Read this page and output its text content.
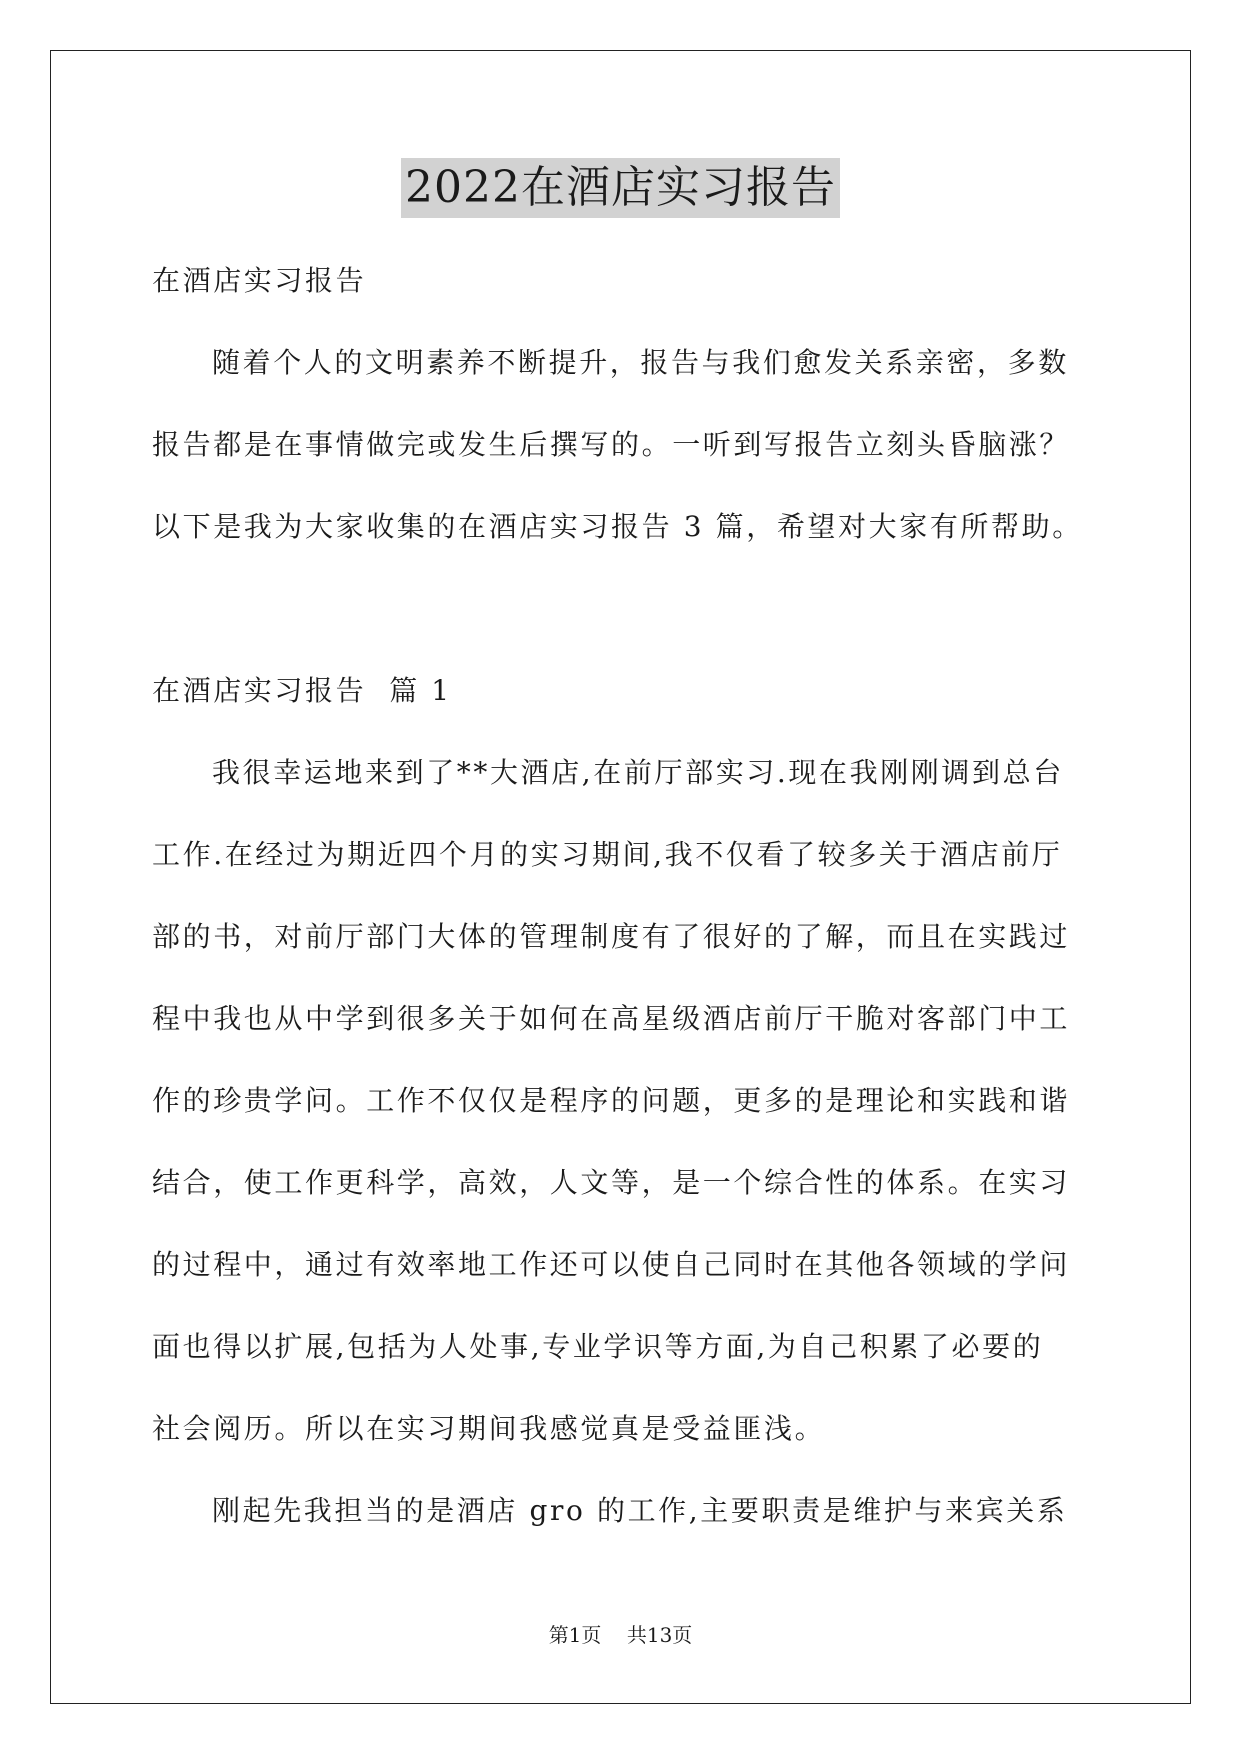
2022在酒店实习报告
在酒店实习报告
随着个人的文明素养不断提升，报告与我们愈发关系亲密，多数
报告都是在事情做完或发生后撰写的。一听到写报告立刻头昏脑涨？
以下是我为大家收集的在酒店实习报告 3 篇，希望对大家有所帮助。
在酒店实习报告  篇 1
我很幸运地来到了**大酒店,在前厅部实习.现在我刚刚调到总台
工作.在经过为期近四个月的实习期间,我不仅看了较多关于酒店前厅
部的书，对前厅部门大体的管理制度有了很好的了解，而且在实践过
程中我也从中学到很多关于如何在高星级酒店前厅干脆对客部门中工
作的珍贵学问。工作不仅仅是程序的问题，更多的是理论和实践和谐
结合，使工作更科学，高效，人文等，是一个综合性的体系。在实习
的过程中，通过有效率地工作还可以使自己同时在其他各领域的学问
面也得以扩展,包括为人处事,专业学识等方面,为自己积累了必要的
社会阅历。所以在实习期间我感觉真是受益匪浅。
刚起先我担当的是酒店 gro 的工作,主要职责是维护与来宾关系
第1页    共13页
